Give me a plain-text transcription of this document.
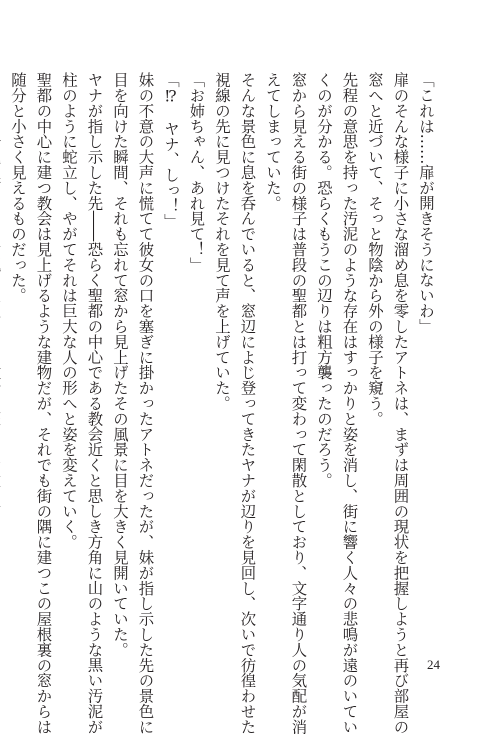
「これは……扉が開きそうにないわ」
扉のそんな様子に小さな溜め息を零したアトネは、まずは周囲の現状を把握しようと再び部屋の
窓へと近づいて、そっと物陰から外の様子を窺う。
先程の意思を持った汚泥のような存在はすっかりと姿を消し、街に響く人々の悲鳴が遠のいてい
くのが分かる。恐らくもうこの辺りは粗方襲ったのだろう。
窓から見える街の様子は普段の聖都とは打って変わって閑散としており、文字通り人の気配が消
えてしまっていた。
そんな景色に息を呑んでいると、窓辺によじ登ってきたヤナが辺りを見回し、次いで彷徨わせた
視線の先に見つけたそれを見て声を上げていた。
「お姉ちゃん、あれ見て！」
「⁉　ヤナ、しっ！」
妹の不意の大声に慌てて彼女の口を塞ぎに掛かったアトネだったが、妹が指し示した先の景色に
目を向けた瞬間、それも忘れて窓から見上げたその風景に目を大きく見開いていた。
ヤナが指し示した先――恐らく聖都の中心である教会近くと思しき方角に山のような黒い汚泥が
柱のように蛇立し、やがてそれは巨大な人の形へと姿を変えていく。
聖都の中心に建つ教会は見上げるような建物だが、それでも街の隅に建つこの屋根裏の窓からは
随分と小さく見えるものだった。
24
